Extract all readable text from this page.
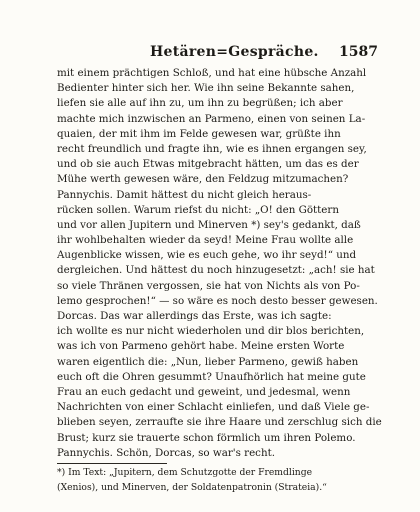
Hetären=Gespräche. 1587
mit einem prächtigen Schloß, und hat eine hübsche Anzahl
Bedienter hinter sich her. Wie ihn seine Bekannte sahen,
liefen sie alle auf ihn zu, um ihn zu begrüßen; ich aber
machte mich inzwischen an Parmeno, einen von seinen La-
quaien, der mit ihm im Felde gewesen war, grüßte ihn
recht freundlich und fragte ihn, wie es ihnen ergangen sey,
und ob sie auch Etwas mitgebracht hätten, um das es der
Mühe werth gewesen wäre, den Feldzug mitzumachen?
Pannychis. Damit hättest du nicht gleich heraus-
rücken sollen. Warum riefst du nicht: „O! den Göttern
und vor allen Jupitern und Minerven *) sey's gedankt, daß
ihr wohlbehalten wieder da seyd! Meine Frau wollte alle
Augenblicke wissen, wie es euch gehe, wo ihr seyd!“ und
dergleichen. Und hättest du noch hinzugesetzt: „ach! sie hat
so viele Thränen vergossen, sie hat von Nichts als von Po-
lemo gesprochen!“ — so wäre es noch desto besser gewesen.
Dorcas. Das war allerdings das Erste, was ich sagte:
ich wollte es nur nicht wiederholen und dir blos berichten,
was ich von Parmeno gehört habe. Meine ersten Worte
waren eigentlich die: „Nun, lieber Parmeno, gewiß haben
euch oft die Ohren gesummt? Unaufhörlich hat meine gute
Frau an euch gedacht und geweint, und jedesmal, wenn
Nachrichten von einer Schlacht einliefen, und daß Viele ge-
blieben seyen, zerraufte sie ihre Haare und zerschlug sich die
Brust; kurz sie trauerte schon förmlich um ihren Polemo.
Pannychis. Schön, Dorcas, so war's recht.
*) Im Text: „Jupitern, dem Schutzgotte der Fremdlinge
(Xenios), und Minerven, der Soldatenpatronin (Strateia).“
